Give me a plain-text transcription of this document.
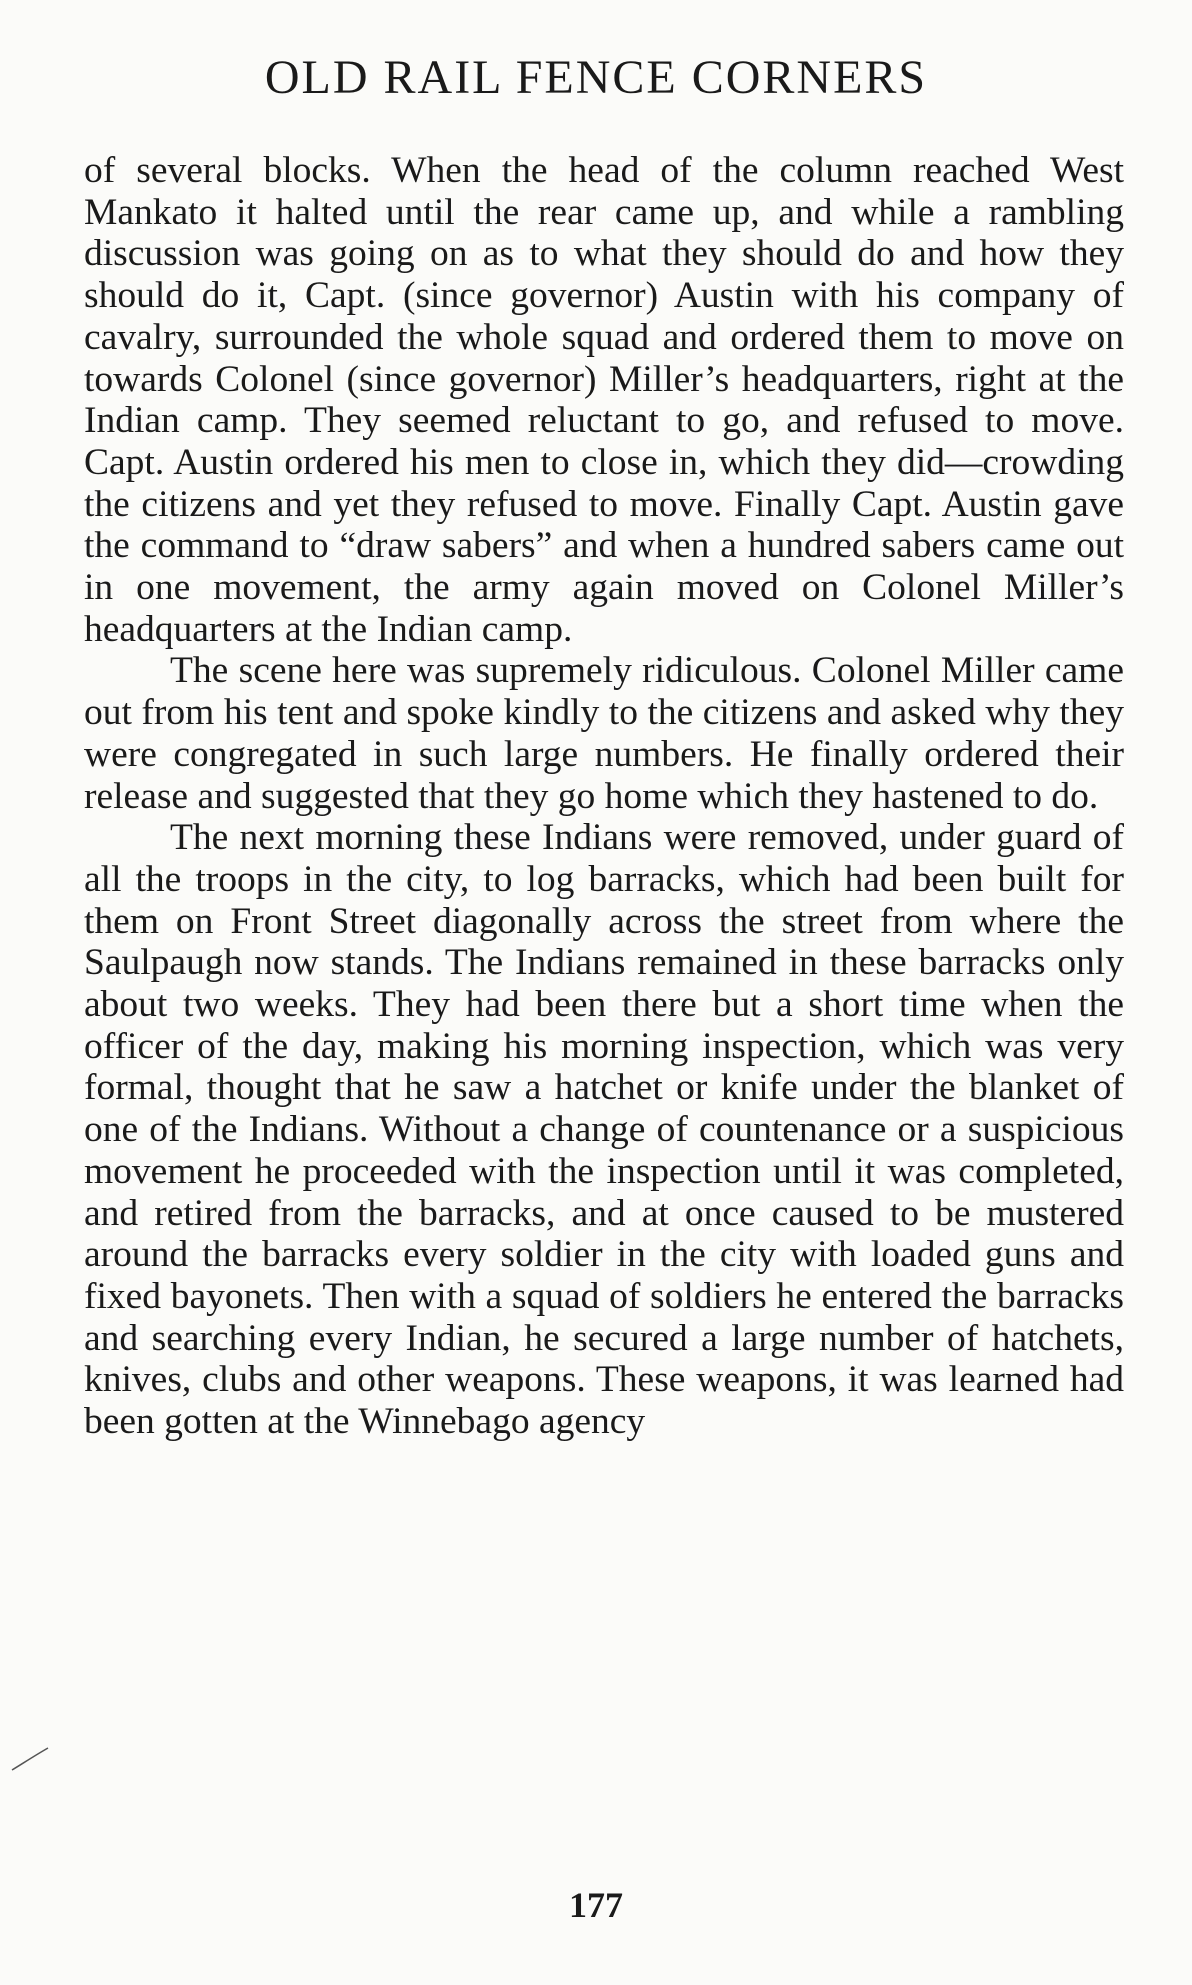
OLD RAIL FENCE CORNERS

of several blocks. When the head of the column reached West Mankato it halted until the rear came up, and while a rambling discussion was going on as to what they should do and how they should do it, Capt. (since governor) Austin with his company of cavalry, surrounded the whole squad and ordered them to move on towards Colonel (since governor) Miller’s headquarters, right at the Indian camp. They seemed reluctant to go, and refused to move. Capt. Austin ordered his men to close in, which they did—crowding the citizens and yet they refused to move. Finally Capt. Austin gave the command to “draw sabers” and when a hundred sabers came out in one movement, the army again moved on Colonel Miller’s headquarters at the Indian camp.

The scene here was supremely ridiculous. Colonel Miller came out from his tent and spoke kindly to the citizens and asked why they were congregated in such large numbers. He finally ordered their release and suggested that they go home which they hastened to do.

The next morning these Indians were removed, under guard of all the troops in the city, to log barracks, which had been built for them on Front Street diagonally across the street from where the Saulpaugh now stands. The Indians remained in these barracks only about two weeks. They had been there but a short time when the officer of the day, making his morning inspection, which was very formal, thought that he saw a hatchet or knife under the blanket of one of the Indians. Without a change of countenance or a suspicious movement he proceeded with the inspection until it was completed, and retired from the barracks, and at once caused to be mustered around the barracks every soldier in the city with loaded guns and fixed bayonets. Then with a squad of soldiers he entered the barracks and searching every Indian, he secured a large number of hatchets, knives, clubs and other weapons. These weapons, it was learned had been gotten at the Winnebago agency

177
